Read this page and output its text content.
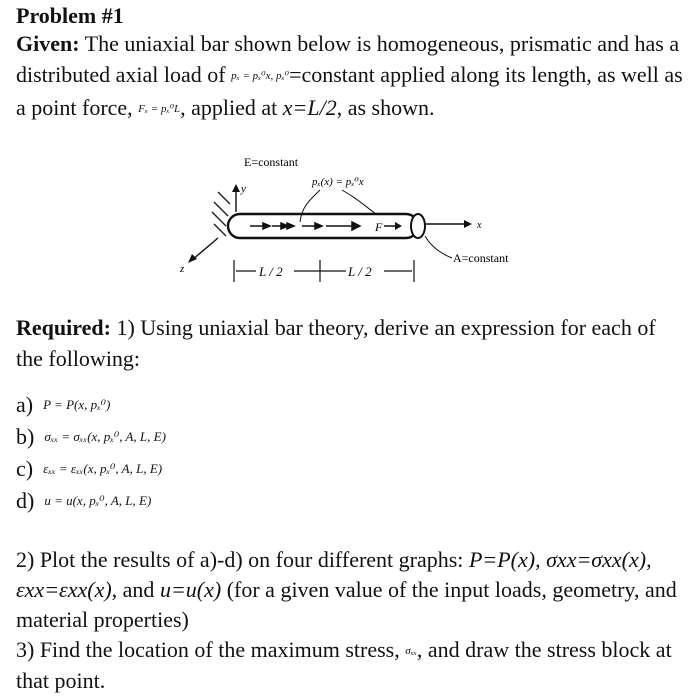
Problem #1
Given: The uniaxial bar shown below is homogeneous, prismatic and has a distributed axial load of pₓ = pₓ⁰x, pₓ⁰=constant applied along its length, as well as a point force, Fₓ = pₓ⁰L, applied at x=L/2, as shown.
y
z
F	x
E=constant
pₓ(x) = pₓ⁰x
A=constant
L / 2	L / 2
Required: 1) Using uniaxial bar theory, derive an expression for each of the following:
a) P = P(x, pₓ⁰)
b) σₓₓ = σₓₓ(x, pₓ⁰, A, L, E)
c) εₓₓ = εₓₓ(x, pₓ⁰, A, L, E)
d) u = u(x, pₓ⁰, A, L, E)
2) Plot the results of a)-d) on four different graphs: P=P(x), σxx=σxx(x), εxx=εxx(x), and u=u(x) (for a given value of the input loads, geometry, and material properties)
3) Find the location of the maximum stress, σₓₓ, and draw the stress block at that point.
